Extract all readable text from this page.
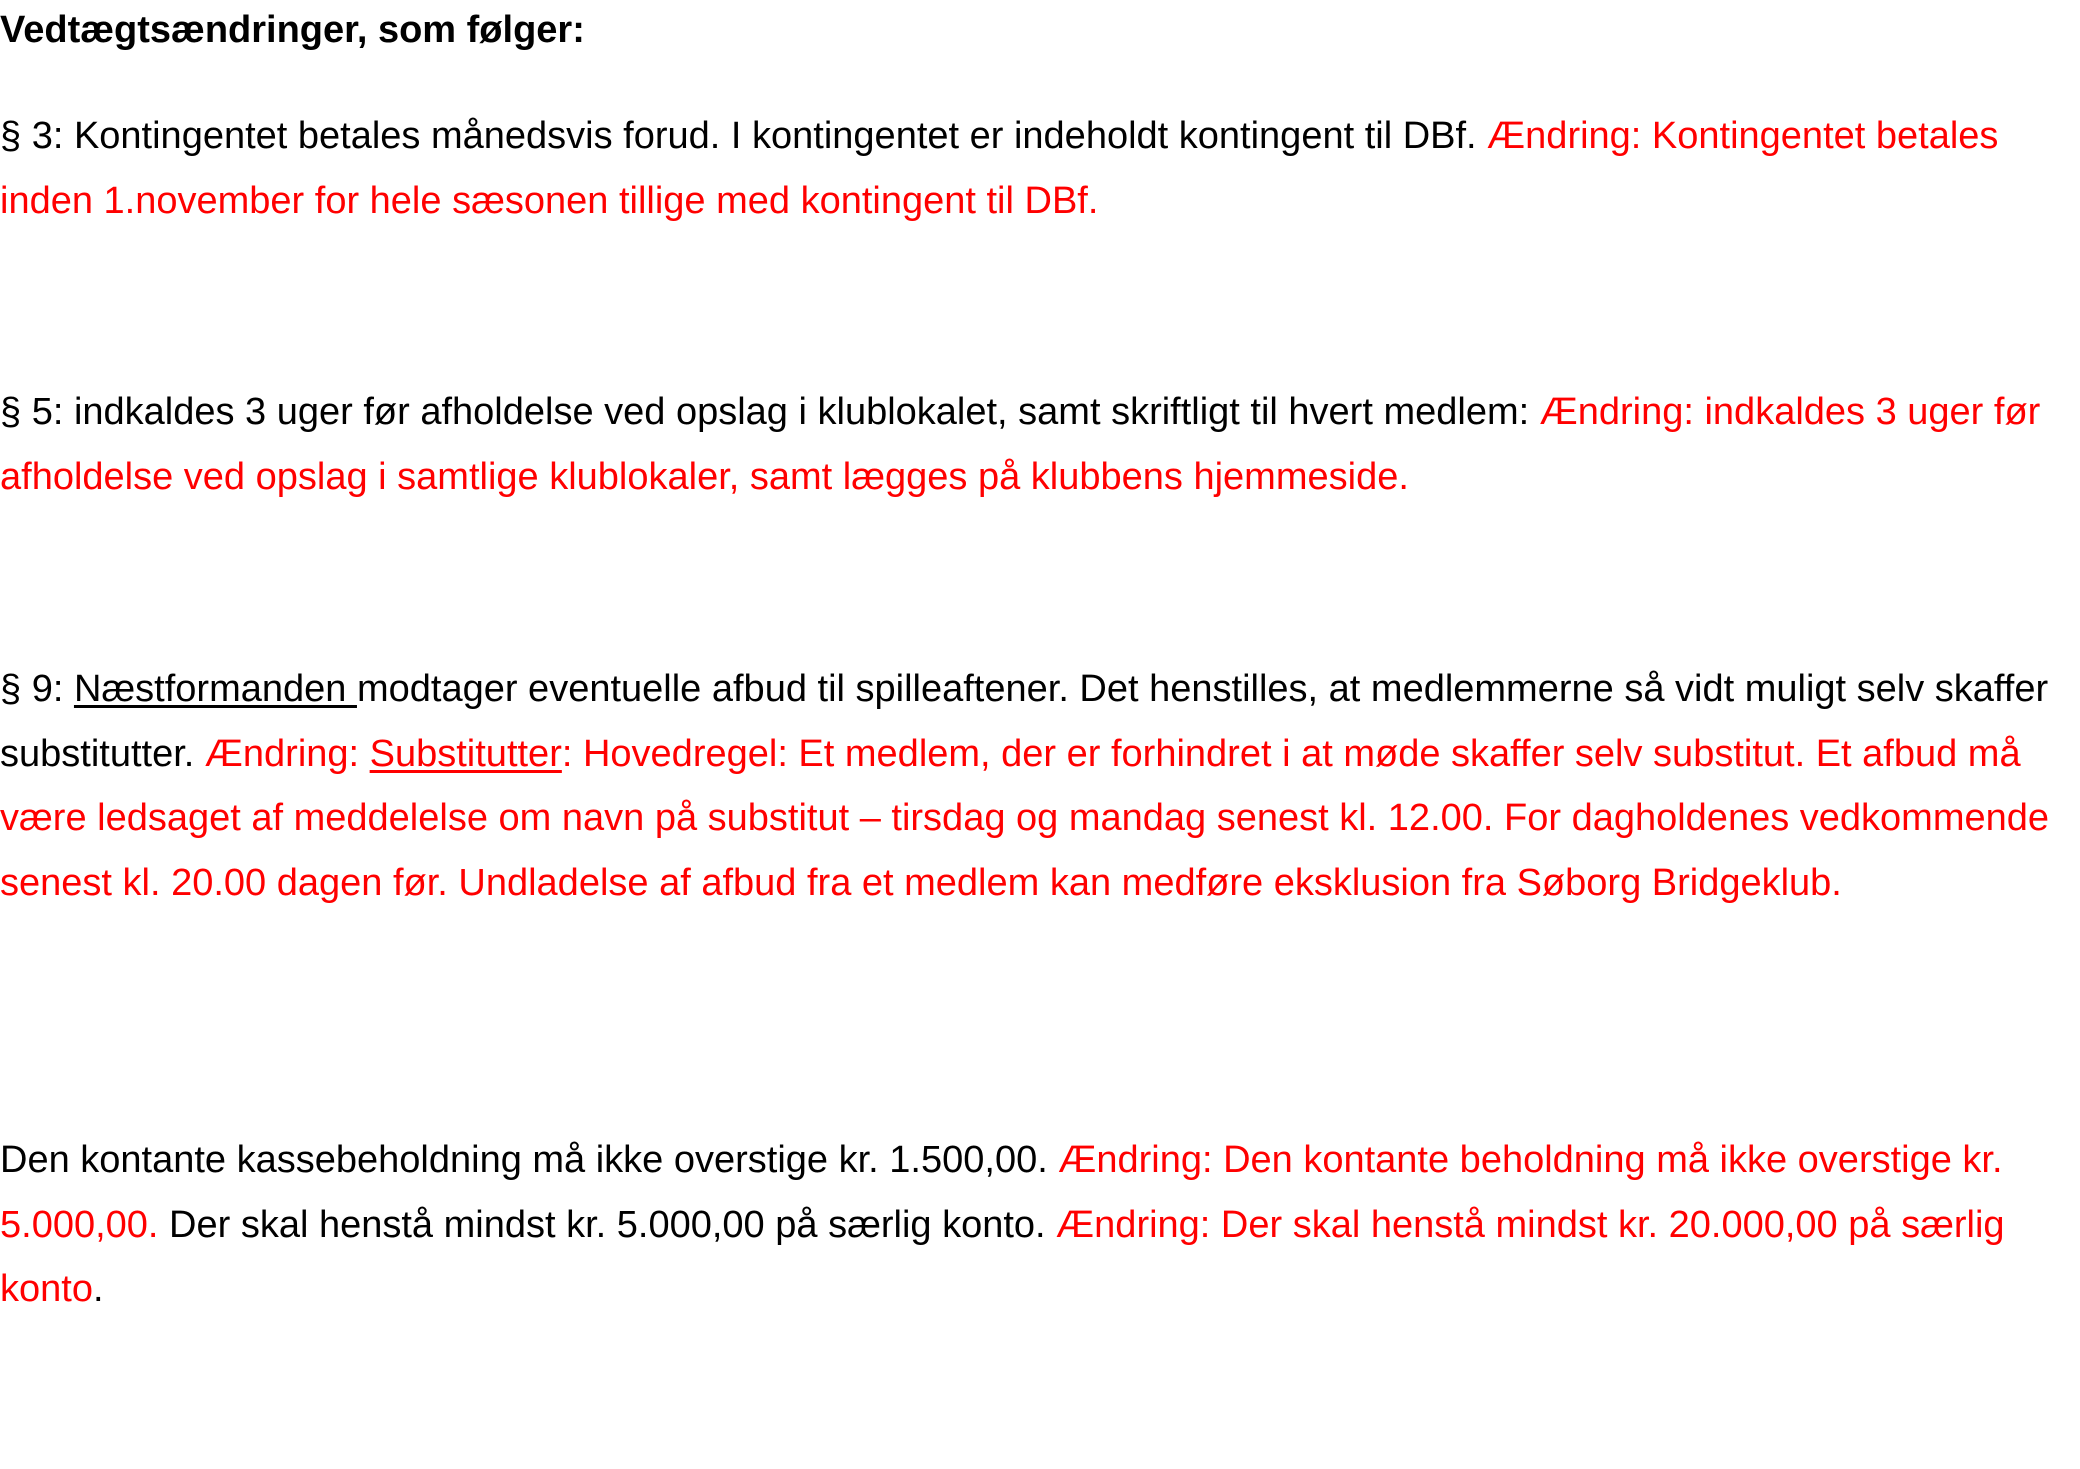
Vedtægtsændringer, som følger:

§ 3: Kontingentet betales månedsvis forud. I kontingentet er indeholdt kontingent til DBf. Ændring: Kontingentet betales inden 1.november for hele sæsonen tillige med kontingent til DBf.

§ 5: indkaldes 3 uger før afholdelse ved opslag i klublokalet, samt skriftligt til hvert medlem: Ændring: indkaldes 3 uger før afholdelse ved opslag i samtlige klublokaler, samt lægges på klubbens hjemmeside.

§ 9: Næstformanden modtager eventuelle afbud til spilleaftener. Det henstilles, at medlemmerne så vidt muligt selv skaffer substitutter. Ændring: Substitutter: Hovedregel: Et medlem, der er forhindret i at møde skaffer selv substitut. Et afbud må være ledsaget af meddelelse om navn på substitut – tirsdag og mandag senest kl. 12.00. For dagholdenes vedkommende senest kl. 20.00 dagen før. Undladelse af afbud fra et medlem kan medføre eksklusion fra Søborg Bridgeklub.

Den kontante kassebeholdning må ikke overstige kr. 1.500,00. Ændring: Den kontante beholdning må ikke overstige kr. 5.000,00. Der skal henstå mindst kr. 5.000,00 på særlig konto. Ændring: Der skal henstå mindst kr. 20.000,00 på særlig konto.
